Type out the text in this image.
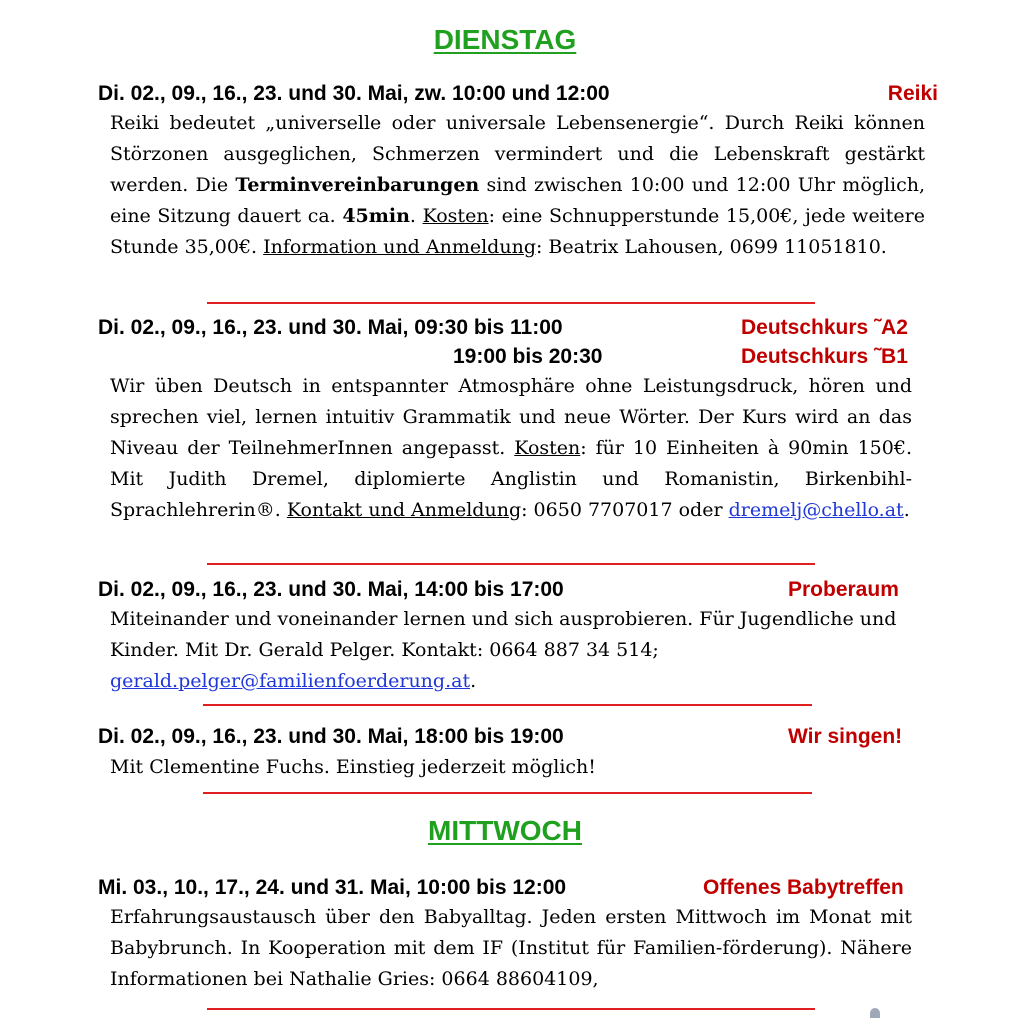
DIENSTAG
Di. 02., 09., 16., 23. und 30. Mai, zw. 10:00 und 12:00	Reiki
Reiki bedeutet „universelle oder universale Lebensenergie“. Durch Reiki können Störzonen ausgeglichen, Schmerzen vermindert und die Lebenskraft gestärkt werden. Die Terminvereinbarungen sind zwischen 10:00 und 12:00 Uhr möglich, eine Sitzung dauert ca. 45min. Kosten: eine Schnupperstunde 15,00€, jede weitere Stunde 35,00€. Information und Anmeldung: Beatrix Lahousen, 0699 11051810.
Di. 02., 09., 16., 23. und 30. Mai, 09:30 bis 11:00	Deutschkurs ˜A2
19:00 bis 20:30	Deutschkurs ˜B1
Wir üben Deutsch in entspannter Atmosphäre ohne Leistungsdruck, hören und sprechen viel, lernen intuitiv Grammatik und neue Wörter. Der Kurs wird an das Niveau der TeilnehmerInnen angepasst. Kosten: für 10 Einheiten à 90min 150€. Mit Judith Dremel, diplomierte Anglistin und Romanistin, Birkenbihl-Sprachlehrerin®. Kontakt und Anmeldung: 0650 7707017 oder dremelj@chello.at.
Di. 02., 09., 16., 23. und 30. Mai, 14:00 bis 17:00	Proberaum
Miteinander und voneinander lernen und sich ausprobieren. Für Jugendliche und Kinder. Mit Dr. Gerald Pelger. Kontakt: 0664 887 34 514; gerald.pelger@familienfoerderung.at.
Di. 02., 09., 16., 23. und 30. Mai, 18:00 bis 19:00	Wir singen!
Mit Clementine Fuchs. Einstieg jederzeit möglich!
MITTWOCH
Mi. 03., 10., 17., 24. und 31. Mai, 10:00 bis 12:00	Offenes Babytreffen
Erfahrungsaustausch über den Babyalltag. Jeden ersten Mittwoch im Monat mit Babybrunch. In Kooperation mit dem IF (Institut für Familien-förderung). Nähere Informationen bei Nathalie Gries: 0664 88604109,
